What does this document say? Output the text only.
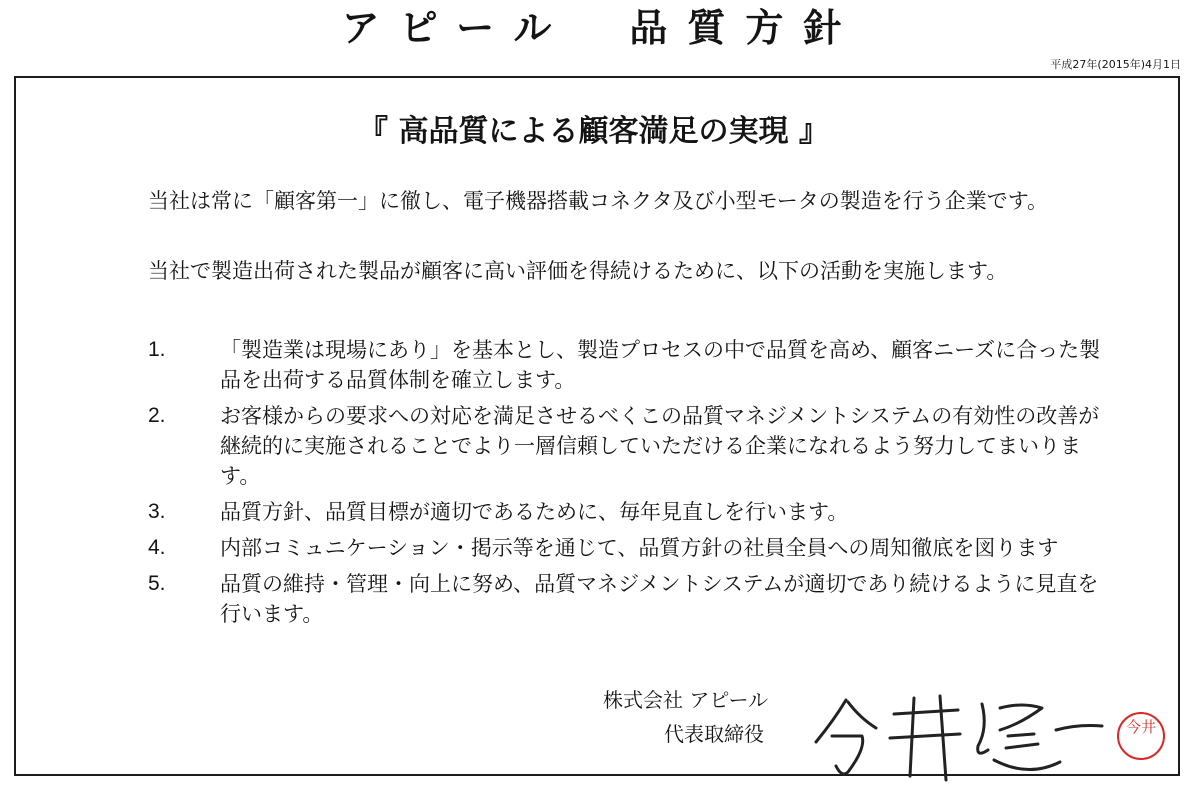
アピール　品質方針
平成27年(2015年)4月1日
『 高品質による顧客満足の実現 』
当社は常に「顧客第一」に徹し、電子機器搭載コネクタ及び小型モータの製造を行う企業です。
当社で製造出荷された製品が顧客に高い評価を得続けるために、以下の活動を実施します。
1.	「製造業は現場にあり」を基本とし、製造プロセスの中で品質を高め、顧客ニーズに合った製品を出荷する品質体制を確立します。
2.	お客様からの要求への対応を満足させるべくこの品質マネジメントシステムの有効性の改善が継続的に実施されることでより一層信頼していただける企業になれるよう努力してまいります。
3.	品質方針、品質目標が適切であるために、毎年見直しを行います。
4.	内部コミュニケーション・掲示等を通じて、品質方針の社員全員への周知徹底を図ります
5.	品質の維持・管理・向上に努め、品質マネジメントシステムが適切であり続けるように見直を行います。
株式会社 アピール
代表取締役	今井
